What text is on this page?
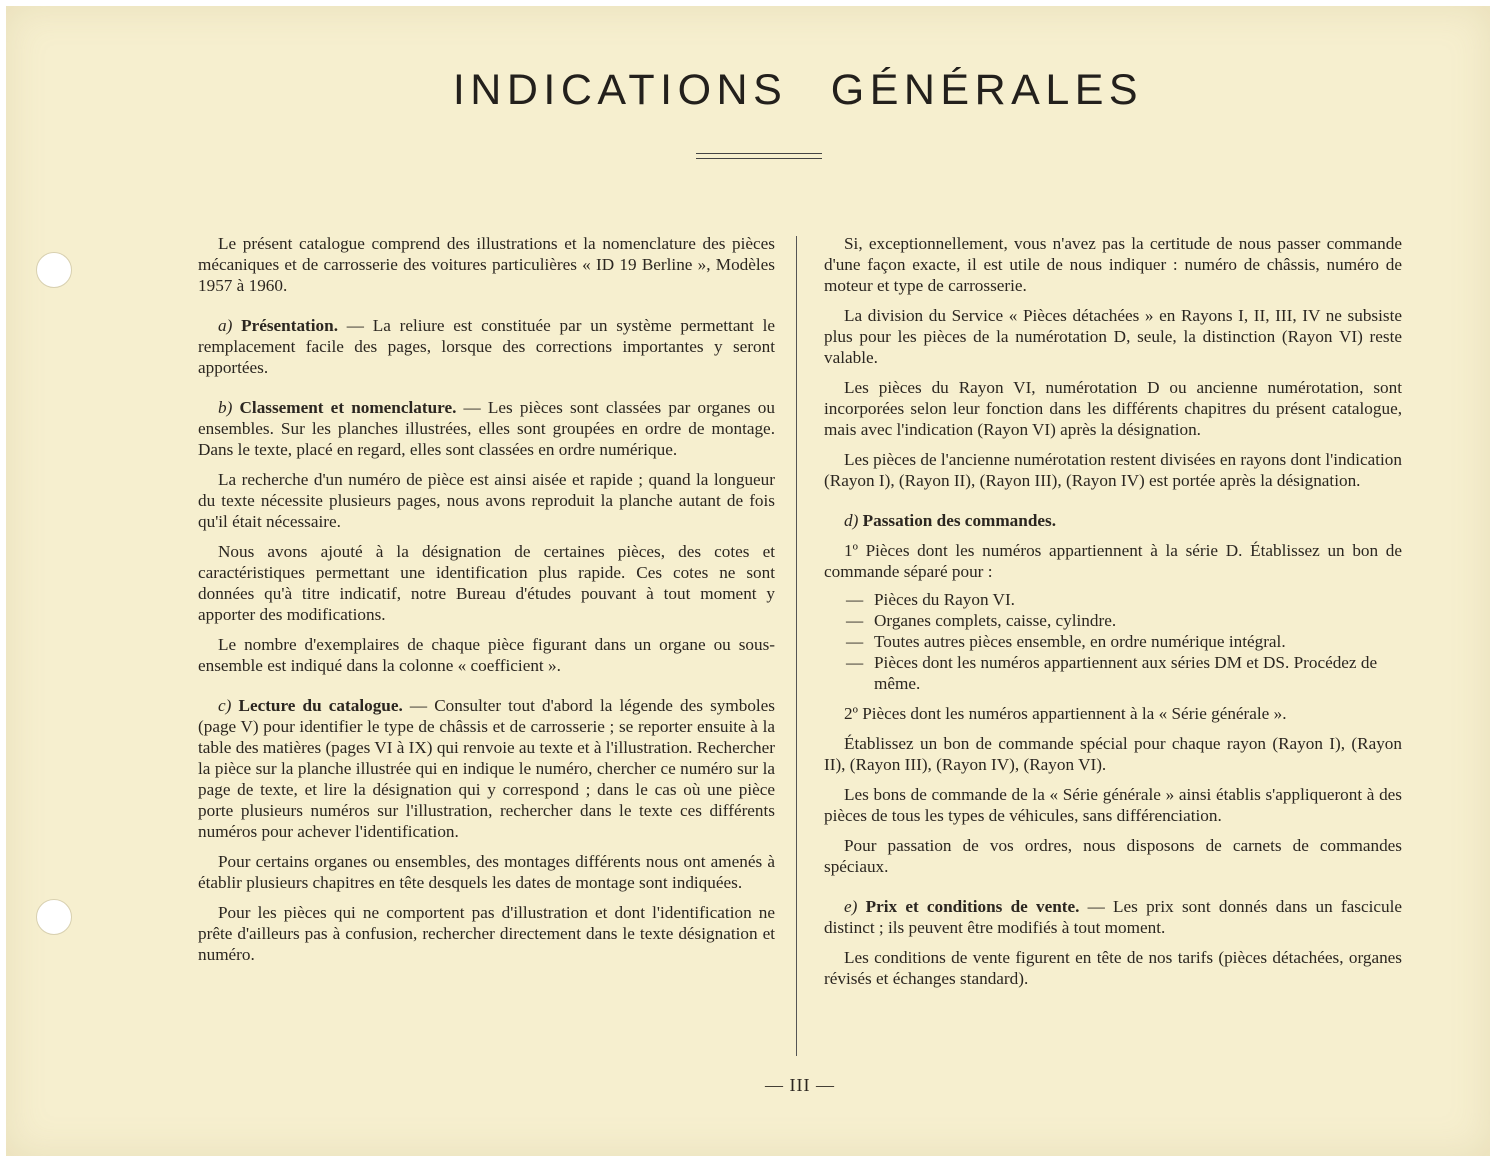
INDICATIONS GÉNÉRALES

Le présent catalogue comprend des illustrations et la nomenclature des pièces mécaniques et de carrosserie des voitures particulières « ID 19 Berline », Modèles 1957 à 1960.

a) Présentation. — La reliure est constituée par un système permettant le remplacement facile des pages, lorsque des corrections importantes y seront apportées.

b) Classement et nomenclature. — Les pièces sont classées par organes ou ensembles. Sur les planches illustrées, elles sont groupées en ordre de montage. Dans le texte, placé en regard, elles sont classées en ordre numérique.

La recherche d'un numéro de pièce est ainsi aisée et rapide ; quand la longueur du texte nécessite plusieurs pages, nous avons reproduit la planche autant de fois qu'il était nécessaire.

Nous avons ajouté à la désignation de certaines pièces, des cotes et caractéristiques permettant une identification plus rapide. Ces cotes ne sont données qu'à titre indicatif, notre Bureau d'études pouvant à tout moment y apporter des modifications.

Le nombre d'exemplaires de chaque pièce figurant dans un organe ou sous-ensemble est indiqué dans la colonne « coefficient ».

c) Lecture du catalogue. — Consulter tout d'abord la légende des symboles (page V) pour identifier le type de châssis et de carrosserie ; se reporter ensuite à la table des matières (pages VI à IX) qui renvoie au texte et à l'illustration. Rechercher la pièce sur la planche illustrée qui en indique le numéro, chercher ce numéro sur la page de texte, et lire la désignation qui y correspond ; dans le cas où une pièce porte plusieurs numéros sur l'illustration, rechercher dans le texte ces différents numéros pour achever l'identification.

Pour certains organes ou ensembles, des montages différents nous ont amenés à établir plusieurs chapitres en tête desquels les dates de montage sont indiquées.

Pour les pièces qui ne comportent pas d'illustration et dont l'identification ne prête d'ailleurs pas à confusion, rechercher directement dans le texte désignation et numéro.

Si, exceptionnellement, vous n'avez pas la certitude de nous passer commande d'une façon exacte, il est utile de nous indiquer : numéro de châssis, numéro de moteur et type de carrosserie.

La division du Service « Pièces détachées » en Rayons I, II, III, IV ne subsiste plus pour les pièces de la numérotation D, seule, la distinction (Rayon VI) reste valable.

Les pièces du Rayon VI, numérotation D ou ancienne numérotation, sont incorporées selon leur fonction dans les différents chapitres du présent catalogue, mais avec l'indication (Rayon VI) après la désignation.

Les pièces de l'ancienne numérotation restent divisées en rayons dont l'indication (Rayon I), (Rayon II), (Rayon III), (Rayon IV) est portée après la désignation.

d) Passation des commandes.

1º Pièces dont les numéros appartiennent à la série D. Établissez un bon de commande séparé pour :

— Pièces du Rayon VI.
— Organes complets, caisse, cylindre.
— Toutes autres pièces ensemble, en ordre numérique intégral.
— Pièces dont les numéros appartiennent aux séries DM et DS. Procédez de même.

2º Pièces dont les numéros appartiennent à la « Série générale ».

Établissez un bon de commande spécial pour chaque rayon (Rayon I), (Rayon II), (Rayon III), (Rayon IV), (Rayon VI).

Les bons de commande de la « Série générale » ainsi établis s'appliqueront à des pièces de tous les types de véhicules, sans différenciation.

Pour passation de vos ordres, nous disposons de carnets de commandes spéciaux.

e) Prix et conditions de vente. — Les prix sont donnés dans un fascicule distinct ; ils peuvent être modifiés à tout moment.

Les conditions de vente figurent en tête de nos tarifs (pièces détachées, organes révisés et échanges standard).

— III —
